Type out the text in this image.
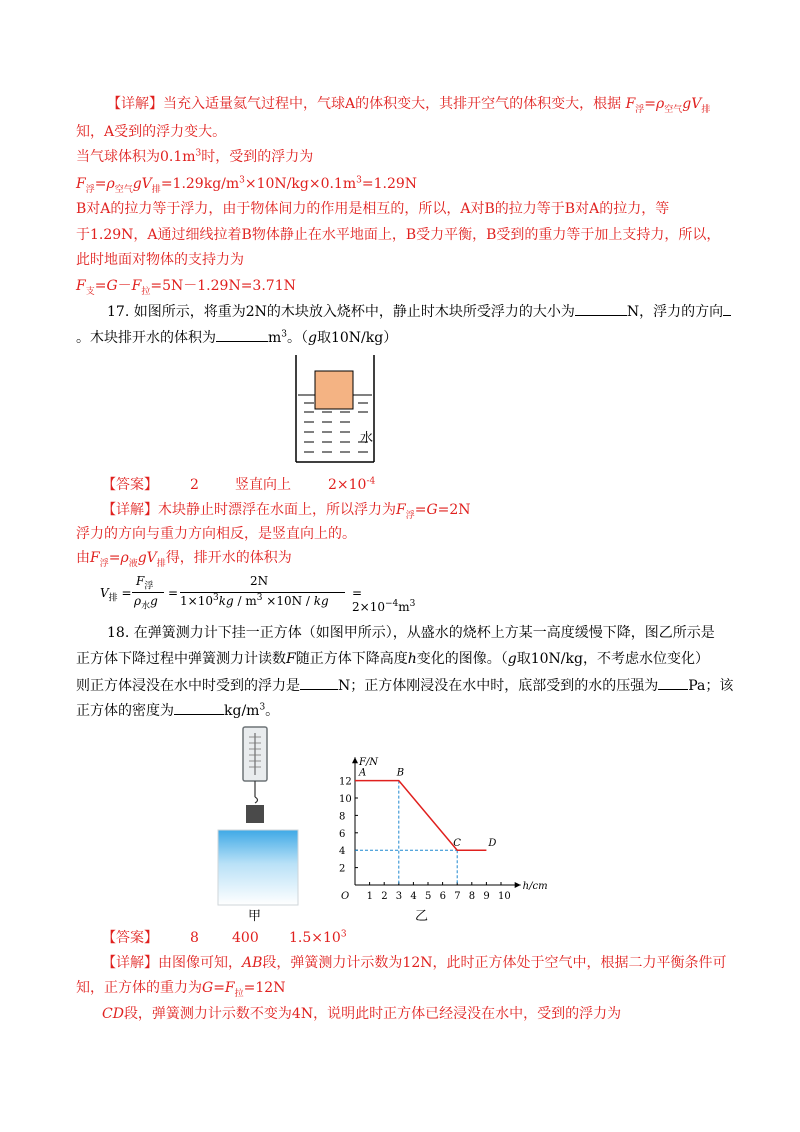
【详解】当充入适量氦气过程中，气球A的体积变大，其排开空气的体积变大，根据 $F_浮=\rho_{空气}gV_排$
知，A受到的浮力变大。
当气球体积为$0.1m^3$时，受到的浮力为
$F_浮=\rho_{空气}gV_排=1.29kg/m^3\times 10N/kg\times 0.1m^3=1.29N$
B对A的拉力等于浮力，由于物体间力的作用是相互的，所以，A对B的拉力等于B对A的拉力，等
于1.29N，A通过细线拉着B物体静止在水平地面上，B受力平衡，B受到的重力等于加上支持力，所以，
此时地面对物体的支持力为
$F_支=G-F_拉=5N-1.29N=3.71N$
17. 如图所示，将重为2N的木块放入烧杯中，静止时木块所受浮力的大小为	N，浮力的方向
。木块排开水的体积为	$m^3$。（g取10N/kg）
水
【答案】 2	竖直向上	$2\times 10^{-4}$
【详解】木块静止时漂浮在水面上，所以浮力为$F_浮=G=2N$
浮力的方向与重力方向相反，是竖直向上的。
由$F_浮=\rho_液gV_排$得，排开水的体积为
$V_排$ =
$F_浮$
$\rho_水g$
=
2N
$1\times 10^3kg / m^3 \times 10N$ / kg
= $2\times 10^{-4}m^3$
18. 在弹簧测力计下挂一正方体（如图甲所示），从盛水的烧杯上方某一高度缓慢下降，图乙所示是
正方体下降过程中弹簧测力计读数F随正方体下降高度h变化的图像。（g取10N/kg，不考虑水位变化）
则正方体浸没在水中时受到的浮力是	N；正方体刚浸没在水中时，底部受到的水的压强为 Pa；该
正方体的密度为	$kg/m^3$。
甲
F/N
h/cm
O 1 2 3 4 5 6 7 8 9 10
2
4
6
8
10
12
A	B
C	D
乙
【答案】 8 400 $1.5\times 10^3$
【详解】由图像可知，AB段，弹簧测力计示数为12N，此时正方体处于空气中，根据二力平衡条件可
知，正方体的重力为$G=F_拉=12N$
CD段，弹簧测力计示数不变为4N，说明此时正方体已经浸没在水中，受到的浮力为
